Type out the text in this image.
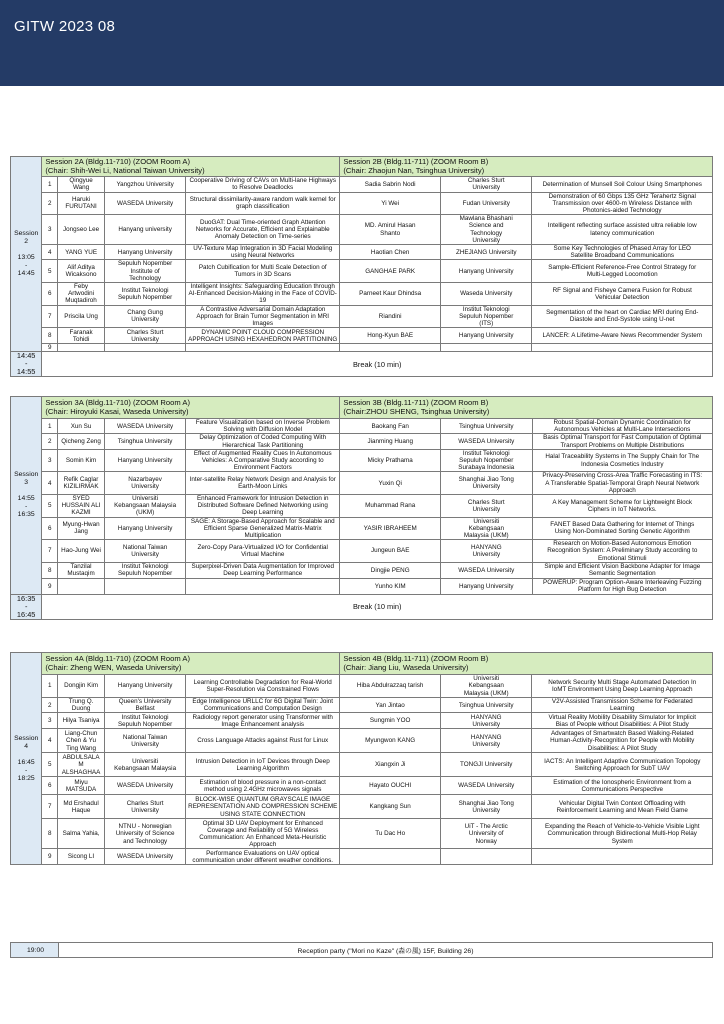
GITW 2023 08
Session
2

13:05
-
14:45	Session 2A (Bldg.11-710) (ZOOM Room A)
(Chair: Shih-Wei Li, National Taiwan University)				Session 2B (Bldg.11-711) (ZOOM Room B)
(Chair: Zhaojun Nan, Tsinghua University)		
	1	Qingyue
Wang	Yangzhou University	Cooperative Driving of CAVs on Multi-lane Highways
to Resolve Deadlocks	Sadia Sabrin Nodi	Charles Sturt
University	Determination of Munsell Soil Colour Using Smartphones
	2	Haruki
FURUTANI	WASEDA University	Structural dissimilarity-aware random walk kernel for
graph classification	Yi Wei	Fudan University	Demonstration of 60 Gbps 135 GHz Terahertz Signal
Transmission over 4600-m Wireless Distance with
Photonics-aided Technology
	3	Jongseo Lee	Hanyang university	DuoGAT: Dual Time-oriented Graph Attention
Networks for Accurate, Efficient and Explainable
Anomaly Detection on Time-series	MD. Amirul Hasan
Shanto	Mawlana Bhashani
Science and
Technology
University	Intelligent reflecting surface assisted ultra reliable low
latency communication
	4	YANG YUE	Hanyang University	UV-Texture Map Integration in 3D Facial Modeling
using Neural Networks	Haotian Chen	ZHEJIANG University	Some Key Technologies of Phased Array for LEO
Satellite Broadband Communications
	5	Alif Aditya
Wicaksono	Sepuluh Nopember
Institute of
Technology	Patch Cubification for Multi Scale Detection of
Tumors in 3D Scans	GANGHAE PARK	Hanyang University	Sample-Efficient Reference-Free Control Strategy for
Multi-Legged Locomotion
	6	Feby
Artwodini
Muqtadiroh	Institut Teknologi
Sepuluh Nopember	Intelligent Insights: Safeguarding Education through
AI-Enhanced Decision-Making in the Face of COVID-
19	Parneet Kaur Dhindsa	Waseda University	RF Signal and Fisheye Camera Fusion for Robust
Vehicular Detection
	7	Priscila Ung	Chang Gung
University	A Contrastive Adversarial Domain Adaptation
Approach for Brain Tumor Segmentation in MRI
Images	Riandini	Institut Teknologi
Sepuluh Nopember
(ITS)	Segmentation of the heart on Cardiac MRI during End-
Diastole and End-Systole using U-net
	8	Faranak
Tohidi	Charles Sturt
University	DYNAMIC POINT CLOUD COMPRESSION
APPROACH USING HEXAHEDRON PARTITIONING	Hong-Kyun BAE	Hanyang University	LANCER: A Lifetime-Aware News Recommender System
	9						
14:45
-
14:55	Break (10 min)						
Session
3

14:55
-
16:35	Session 3A (Bldg.11-710) (ZOOM Room A)
(Chair: Hiroyuki Kasai, Waseda University)				Session 3B (Bldg.11-711) (ZOOM Room B)
(Chair:ZHOU SHENG, Tsinghua University)		
	1	Xun Su	WASEDA University	Feature Visualization based on Inverse Problem
Solving with Diffusion Model	Baokang Fan	Tsinghua University	Robust Spatial-Domain Dynamic Coordination for
Autonomous Vehicles at Multi-Lane Intersections
	2	Qicheng Zeng	Tsinghua University	Delay Optimization of Coded Computing With
Hierarchical Task Partitioning	Jianming Huang	WASEDA University	Basis Optimal Transport for Fast Computation of Optimal
Transport Problems on Multiple Distributions
	3	Somin Kim	Hanyang University	Effect of Augmented Reality Cues In Autonomous
Vehicles: A Comparative Study according to
Environment Factors	Micky Prathama	Institut Teknologi
Sepuluh Nopember
Surabaya Indonesia	Halal Traceability Systems in The Supply Chain for The
Indonesia Cosmetics Industry
	4	Refik Caglar
KIZILIRMAK	Nazarbayev
University	Inter-satellite Relay Network Design and Analysis for
Earth-Moon Links	Yuxin Qi	Shanghai Jiao Tong
University	Privacy-Preserving Cross-Area Traffic Forecasting in ITS:
A Transferable Spatial-Temporal Graph Neural Network
Approach
	5	SYED
HUSSAIN ALI
KAZMI	Universiti
Kebangsaan Malaysia
(UKM)	Enhanced Framework for Intrusion Detection in
Distributed Software Defined Networking using
Deep Learning	Muhammad Rana	Charles Sturt
University	A Key Management Scheme for Lightweight Block
Ciphers in IoT Networks.
	6	Myung-Hwan
Jang	Hanyang University	SAGE: A Storage-Based Approach for Scalable and
Efficient Sparse Generalized Matrix-Matrix
Multiplication	YASIR IBRAHEEM	Universiti
Kebangsaan
Malaysia (UKM)	FANET Based Data Gathering for Internet of Things
Using Non-Dominated Sorting Genetic Algorithm
	7	Hao-Jung Wei	National Taiwan
University	Zero-Copy Para-Virtualized I/O for Confidential
Virtual Machine	Jungeun BAE	HANYANG
University	Research on Motion-Based Autonomous Emotion
Recognition System: A Preliminary Study according to
Emotional Stimuli
	8	Tanzilal
Mustaqim	Institut Teknologi
Sepuluh Nopember	Superpixel-Driven Data Augmentation for Improved
Deep Learning Performance	Dingjie PENG	WASEDA University	Simple and Efficient Vision Backbone Adapter for Image
Semantic Segmentation
	9				Yunho KIM	Hanyang University	POWERUP: Program Option-Aware Interleaving Fuzzing
Platform for High Bug Detection
16:35
-
16:45	Break (10 min)						
Session
4

16:45
-
18:25	Session 4A (Bldg.11-710) (ZOOM Room A)
(Chair: Zheng WEN, Waseda University)				Session 4B (Bldg.11-711) (ZOOM Room B)
(Chair: Jiang Liu, Waseda University)		
	1	Dongjin Kim	Hanyang University	Learning Controllable Degradation for Real-World
Super-Resolution via Constrained Flows	Hiba Abdulrazzaq tarish	Universiti
Kebangsaan
Malaysia (UKM)	Network Security Multi Stage Automated Detection In
IoMT Environment Using Deep Learning Approach
	2	Trung Q.
Duong	Queen's University
Belfast	Edge Intelligence URLLC for 6G Digital Twin: Joint
Communications and Computation Design	Yan Jintao	Tsinghua University	V2V-Assisted Transmission Scheme for Federated
Learning
	3	Hilya Tsaniya	Institut Teknologi
Sepuluh Nopember	Radiology report generator using Transformer with
Image Enhancement analysis	Sungmin YOO	HANYANG
University	Virtual Reality Mobility Disability Simulator for Implicit
Bias of People without Disabilities: A Pilot Study
	4	Liang-Chun
Chen & Yu
Ting Wang	National Taiwan
University	Cross Language Attacks against Rust for Linux	Myungwon KANG	HANYANG
University	Advantages of Smartwatch Based Walking-Related
Human-Activity-Recognition for People with Mobility
Disabilities: A Pilot Study
	5	ABDULSALA
M
ALSHAGHAA	Universiti
Kebangsaan Malaysia	Intrusion Detection in IoT Devices through Deep
Learning Algorithm	Xiangxin Ji	TONGJI University	IACTS: An Intelligent Adaptive Communication Topology
Switching Approach for SubT UAV
	6	Miyu
MATSUDA	WASEDA University	Estimation of blood pressure in a non-contact
method using 2.4GHz microwaves signals	Hayato OUCHI	WASEDA University	Estimation of the Ionospheric Environment from a
Communications Perspective
	7	Md Ershadul
Haque	Charles Sturt
University	BLOCK-WISE QUANTUM GRAYSCALE IMAGE
REPRESENTATION AND COMPRESSION SCHEME
USING STATE CONNECTION	Kangkang Sun	Shanghai Jiao Tong
University	Vehicular Digital Twin Context Offloading with
Reinforcement Learning and Mean Field Game
	8	Salma Yahia,	NTNU - Norwegian
University of Science
and Technology	Optimal 3D UAV Deployment for Enhanced
Coverage and Reliability of 5G Wireless
Communication: An Enhanced Meta-Heuristic
Approach	Tu Dac Ho	UiT - The Arctic
University of
Norway	Expanding the Reach of Vehicle-to-Vehicle Visible Light
Communication through Bidirectional Multi-Hop Relay
System
	9	Sicong LI	WASEDA University	Performance Evaluations on UAV optical
communication under different weather conditions.			
19:00	Reception party ("Mori no Kaze" (森の風) 15F, Building 26)
